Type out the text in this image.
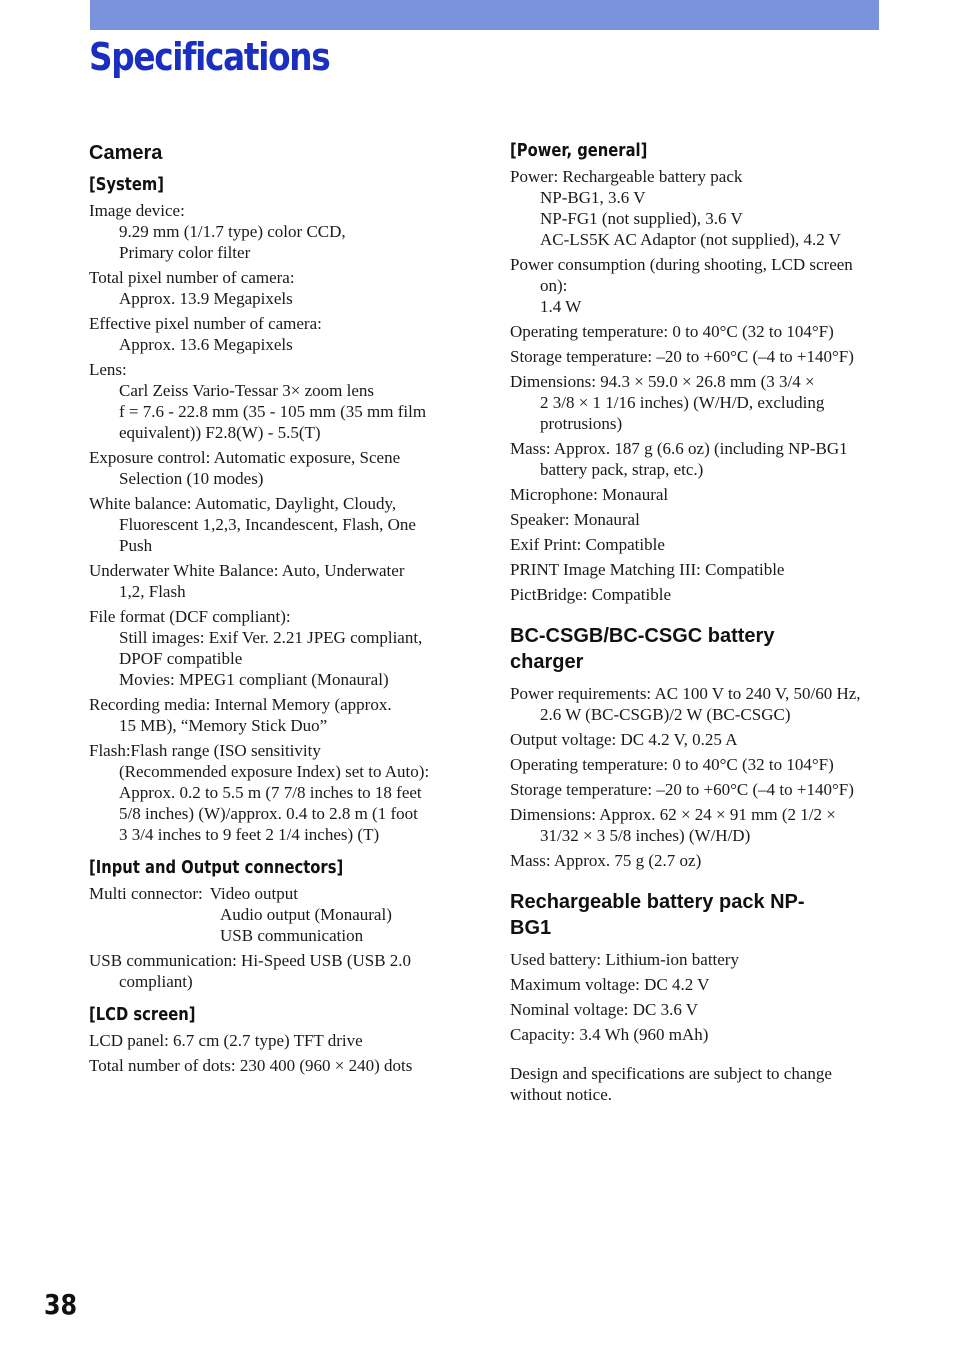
Specifications
Camera
[System]
Image device:
9.29 mm (1/1.7 type) color CCD,
Primary color filter
Total pixel number of camera:
Approx. 13.9 Megapixels
Effective pixel number of camera:
Approx. 13.6 Megapixels
Lens:
Carl Zeiss Vario-Tessar 3× zoom lens
f = 7.6 - 22.8 mm (35 - 105 mm (35 mm film
equivalent)) F2.8(W) - 5.5(T)
Exposure control: Automatic exposure, Scene
Selection (10 modes)
White balance: Automatic, Daylight, Cloudy,
Fluorescent 1,2,3, Incandescent, Flash, One
Push
Underwater White Balance: Auto, Underwater
1,2, Flash
File format (DCF compliant):
Still images: Exif Ver. 2.21 JPEG compliant,
DPOF compatible
Movies: MPEG1 compliant (Monaural)
Recording media: Internal Memory (approx.
15 MB), “Memory Stick Duo”
Flash:Flash range (ISO sensitivity
(Recommended exposure Index) set to Auto):
Approx. 0.2 to 5.5 m (7 7/8 inches to 18 feet
5/8 inches) (W)/approx. 0.4 to 2.8 m (1 foot
3 3/4 inches to 9 feet 2 1/4 inches) (T)
[Input and Output connectors]
Multi connector: Video output
Audio output (Monaural)
USB communication
USB communication: Hi-Speed USB (USB 2.0
compliant)
[LCD screen]
LCD panel: 6.7 cm (2.7 type) TFT drive
Total number of dots: 230 400 (960 × 240) dots
[Power, general]
Power: Rechargeable battery pack
NP-BG1, 3.6 V
NP-FG1 (not supplied), 3.6 V
AC-LS5K AC Adaptor (not supplied), 4.2 V
Power consumption (during shooting, LCD screen
on):
1.4 W
Operating temperature: 0 to 40°C (32 to 104°F)
Storage temperature: –20 to +60°C (–4 to +140°F)
Dimensions: 94.3 × 59.0 × 26.8 mm (3 3/4 ×
2 3/8 × 1 1/16 inches) (W/H/D, excluding
protrusions)
Mass: Approx. 187 g (6.6 oz) (including NP-BG1
battery pack, strap, etc.)
Microphone: Monaural
Speaker: Monaural
Exif Print: Compatible
PRINT Image Matching III: Compatible
PictBridge: Compatible
BC-CSGB/BC-CSGC battery
charger
Power requirements: AC 100 V to 240 V, 50/60 Hz,
2.6 W (BC-CSGB)/2 W (BC-CSGC)
Output voltage: DC 4.2 V, 0.25 A
Operating temperature: 0 to 40°C (32 to 104°F)
Storage temperature: –20 to +60°C (–4 to +140°F)
Dimensions: Approx. 62 × 24 × 91 mm (2 1/2 ×
31/32 × 3 5/8 inches) (W/H/D)
Mass: Approx. 75 g (2.7 oz)
Rechargeable battery pack NP-
BG1
Used battery: Lithium-ion battery
Maximum voltage: DC 4.2 V
Nominal voltage: DC 3.6 V
Capacity: 3.4 Wh (960 mAh)
Design and specifications are subject to change
without notice.
38
